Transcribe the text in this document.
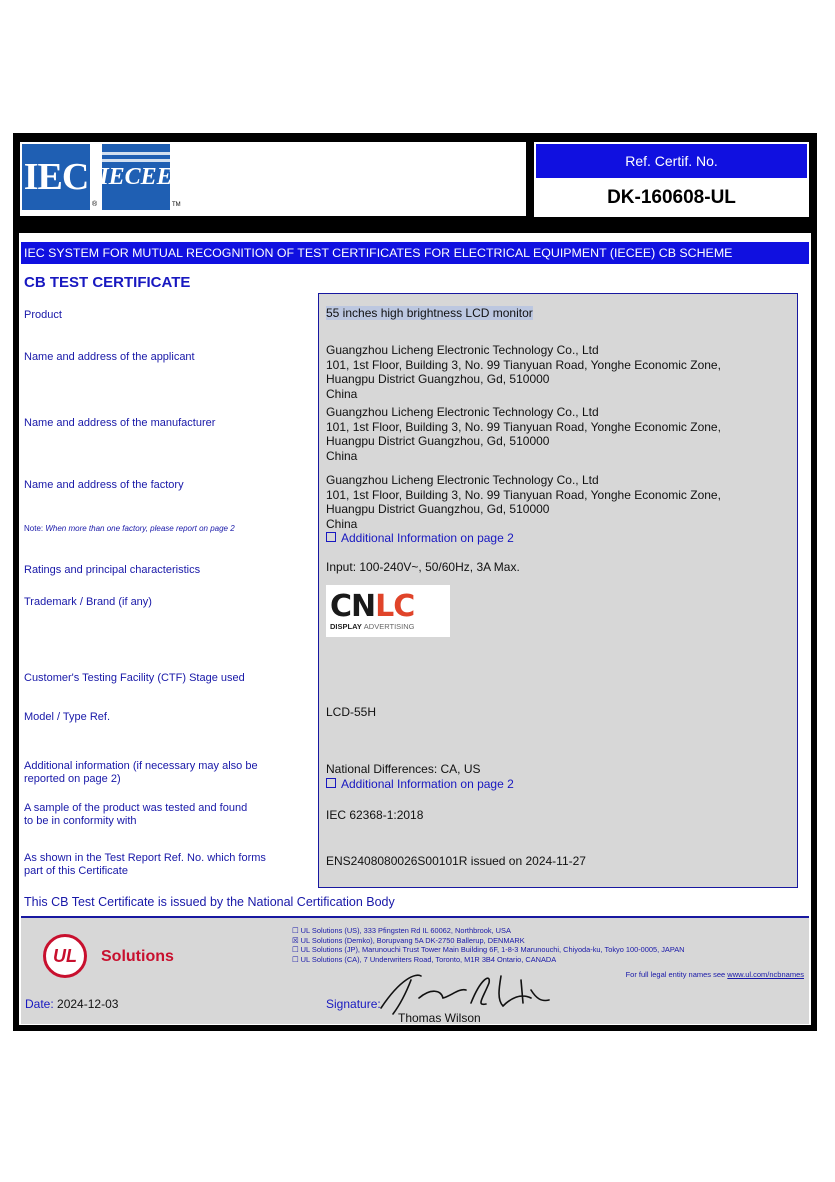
IEC
®
IECEE
TM
Ref. Certif. No.
DK-160608-UL
IEC SYSTEM FOR MUTUAL RECOGNITION OF TEST CERTIFICATES FOR ELECTRICAL EQUIPMENT (IECEE) CB SCHEME
CB TEST CERTIFICATE
Product
Name and address of the applicant
Name and address of the manufacturer
Name and address of the factory
Note: When more than one factory, please report on page 2
Ratings and principal characteristics
Trademark / Brand (if any)
Customer's Testing Facility (CTF) Stage used
Model / Type Ref.
Additional information (if necessary may also be
reported on page 2)
A sample of the product was tested and found
to be in conformity with
As shown in the Test Report Ref. No. which forms
part of this Certificate
55 inches high brightness LCD monitor
Guangzhou Licheng Electronic Technology Co., Ltd
101, 1st Floor, Building 3, No. 99 Tianyuan Road, Yonghe Economic Zone,
Huangpu District Guangzhou, Gd, 510000
China
Guangzhou Licheng Electronic Technology Co., Ltd
101, 1st Floor, Building 3, No. 99 Tianyuan Road, Yonghe Economic Zone,
Huangpu District Guangzhou, Gd, 510000
China
Guangzhou Licheng Electronic Technology Co., Ltd
101, 1st Floor, Building 3, No. 99 Tianyuan Road, Yonghe Economic Zone,
Huangpu District Guangzhou, Gd, 510000
China
Additional Information on page 2
Input: 100-240V~, 50/60Hz, 3A Max.
CNLC
DISPLAY ADVERTISING
LCD-55H
National Differences: CA, US
Additional Information on page 2
IEC 62368-1:2018
ENS2408080026S00101R issued on 2024-11-27
This CB Test Certificate is issued by the National Certification Body
UL Solutions
☐ UL Solutions (US), 333 Pfingsten Rd IL 60062, Northbrook, USA
☒ UL Solutions (Demko), Borupvang 5A DK-2750 Ballerup, DENMARK
☐ UL Solutions (JP), Marunouchi Trust Tower Main Building 6F, 1-8-3 Marunouchi, Chiyoda-ku, Tokyo 100-0005, JAPAN
☐ UL Solutions (CA), 7 Underwriters Road, Toronto, M1R 3B4 Ontario, CANADA
For full legal entity names see www.ul.com/ncbnames
Date: 2024-12-03	Signature:
Thomas Wilson
